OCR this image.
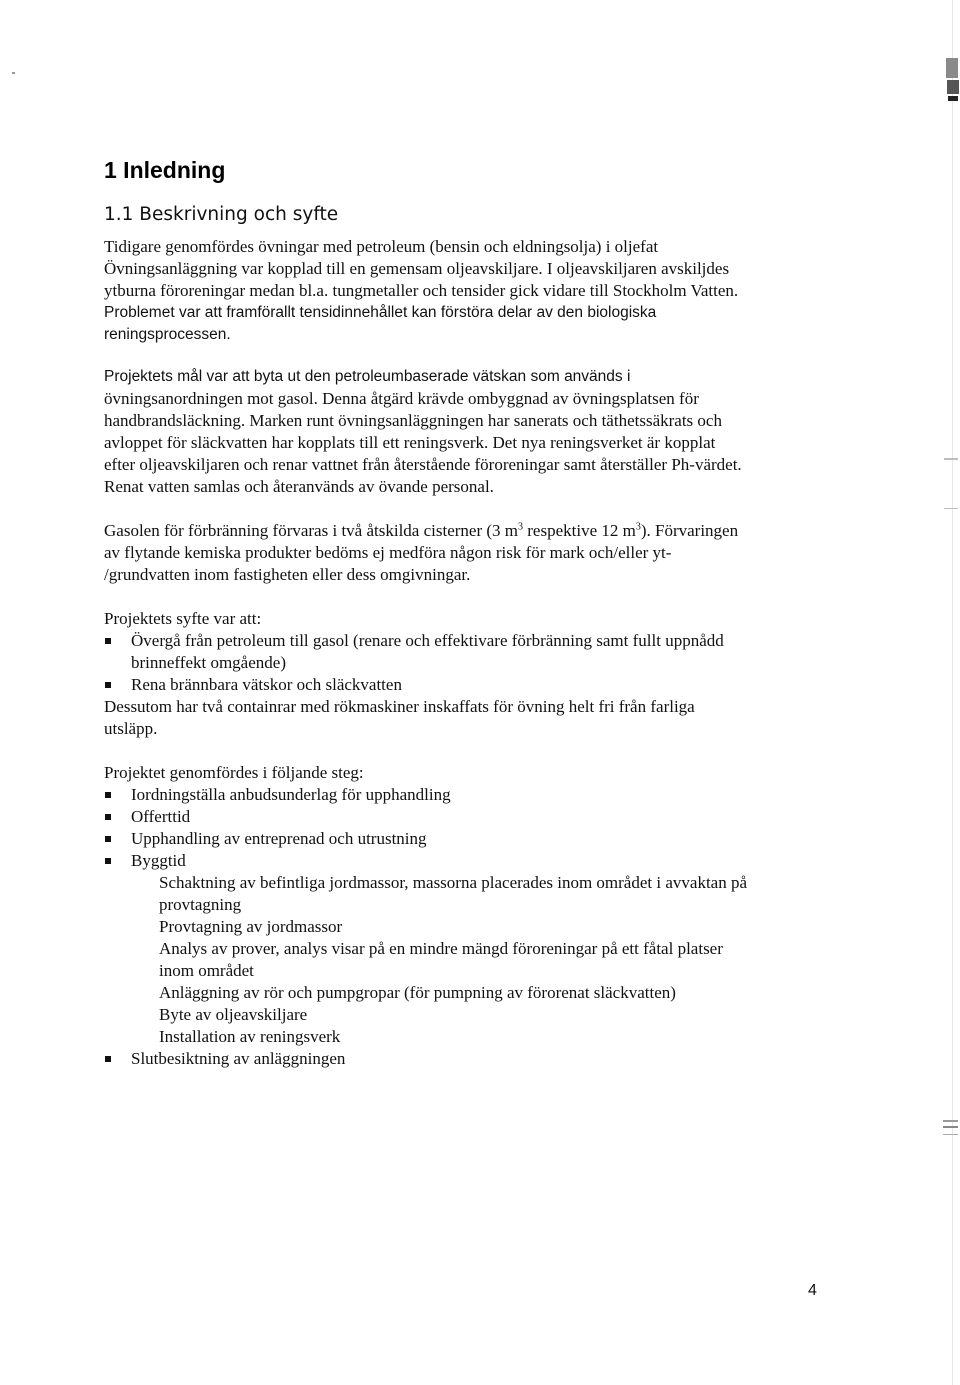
1 Inledning
1.1 Beskrivning och syfte
Tidigare genomfördes övningar med petroleum (bensin och eldningsolja) i oljefat
Övningsanläggning var kopplad till en gemensam oljeavskiljare. I oljeavskiljaren avskiljdes
ytburna föroreningar medan bl.a. tungmetaller och tensider gick vidare till Stockholm Vatten.
Problemet var att framförallt tensidinnehållet kan förstöra delar av den biologiska
reningsprocessen.
Projektets mål var att byta ut den petroleumbaserade vätskan som används i
övningsanordningen mot gasol. Denna åtgärd krävde ombyggnad av övningsplatsen för
handbrandsläckning. Marken runt övningsanläggningen har sanerats och täthetssäkrats och
avloppet för släckvatten har kopplats till ett reningsverk. Det nya reningsverket är kopplat
efter oljeavskiljaren och renar vattnet från återstående föroreningar samt återställer Ph-värdet.
Renat vatten samlas och återanvänds av övande personal.
Gasolen för förbränning förvaras i två åtskilda cisterner (3 $m^3$ respektive 12 $m^3$). Förvaringen
av flytande kemiska produkter bedöms ej medföra någon risk för mark och/eller yt-
/grundvatten inom fastigheten eller dess omgivningar.
Projektets syfte var att:
Övergå från petroleum till gasol (renare och effektivare förbränning samt fullt uppnådd
brinneffekt omgående)
Rena brännbara vätskor och släckvatten
Dessutom har två containrar med rökmaskiner inskaffats för övning helt fri från farliga
utsläpp.
Projektet genomfördes i följande steg:
Iordningställa anbudsunderlag för upphandling
Offerttid
Upphandling av entreprenad och utrustning
Byggtid
Schaktning av befintliga jordmassor, massorna placerades inom området i avvaktan på
provtagning
Provtagning av jordmassor
Analys av prover, analys visar på en mindre mängd föroreningar på ett fåtal platser
inom området
Anläggning av rör och pumpgropar (för pumpning av förorenat släckvatten)
Byte av oljeavskiljare
Installation av reningsverk
Slutbesiktning av anläggningen
4
